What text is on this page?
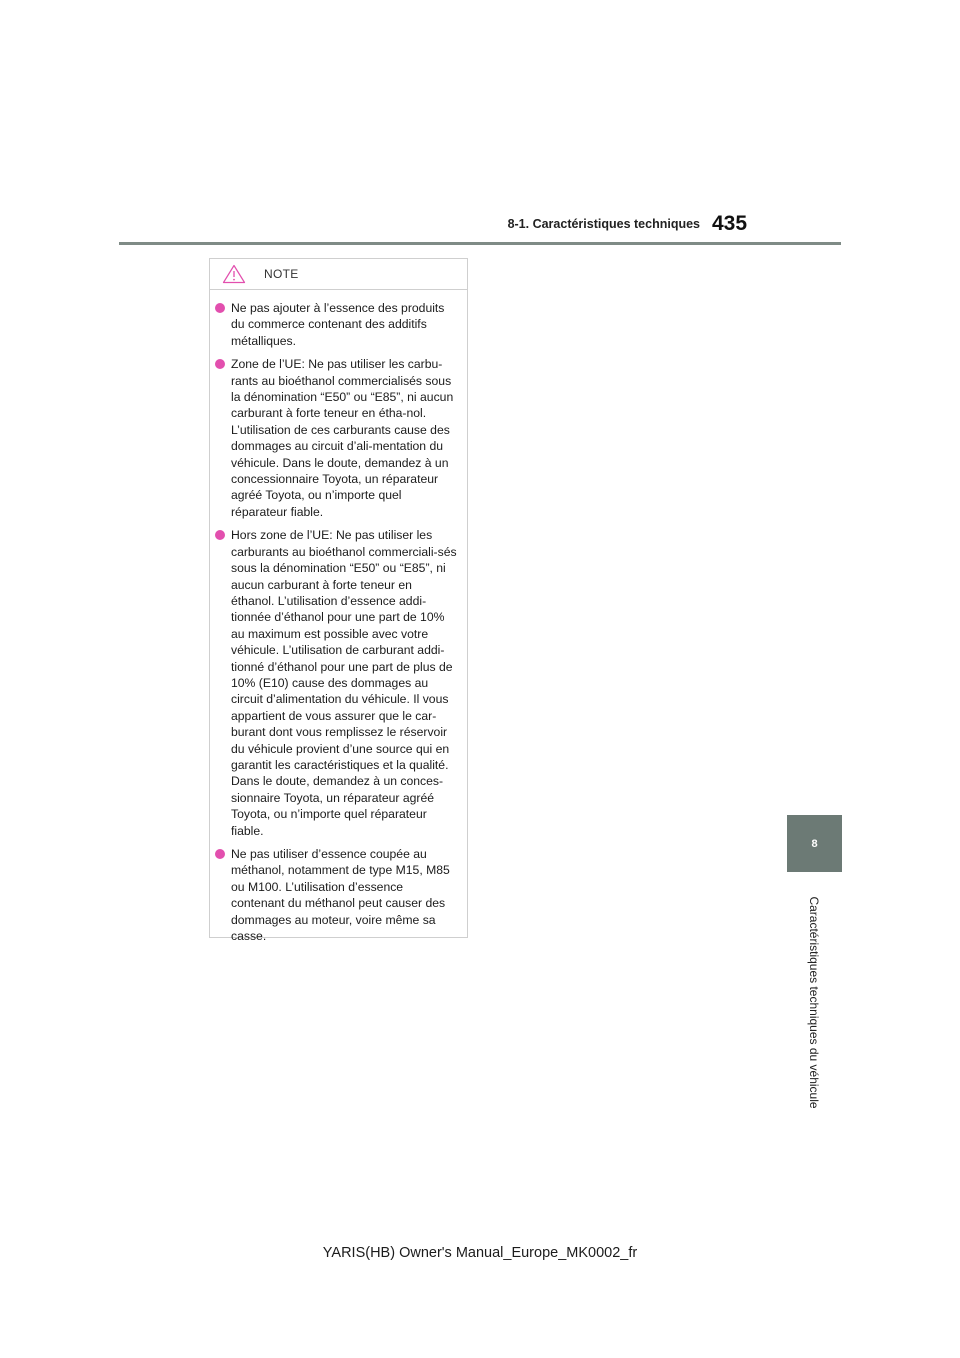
8-1. Caractéristiques techniques 435
8
Caractéristiques techniques du véhicule
NOTE
Ne pas ajouter à l’essence des produits du commerce contenant des additifs métalliques.
Zone de l’UE: Ne pas utiliser les carbu-rants au bioéthanol commercialisés sous la dénomination “E50” ou “E85”, ni aucun carburant à forte teneur en étha-nol. L’utilisation de ces carburants cause des dommages au circuit d’ali-mentation du véhicule. Dans le doute, demandez à un concessionnaire Toyota, un réparateur agréé Toyota, ou n’importe quel réparateur fiable.
Hors zone de l’UE: Ne pas utiliser les carburants au bioéthanol commerciali-sés sous la dénomination “E50” ou “E85”, ni aucun carburant à forte teneur en éthanol. L’utilisation d’essence addi-tionnée d’éthanol pour une part de 10% au maximum est possible avec votre véhicule. L’utilisation de carburant addi-tionné d’éthanol pour une part de plus de 10% (E10) cause des dommages au circuit d’alimentation du véhicule. Il vous appartient de vous assurer que le car-burant dont vous remplissez le réservoir du véhicule provient d’une source qui en garantit les caractéristiques et la qualité. Dans le doute, demandez à un conces-sionnaire Toyota, un réparateur agréé Toyota, ou n’importe quel réparateur fiable.
Ne pas utiliser d’essence coupée au méthanol, notamment de type M15, M85 ou M100. L’utilisation d’essence contenant du méthanol peut causer des dommages au moteur, voire même sa casse.
YARIS(HB) Owner's Manual_Europe_MK0002_fr
